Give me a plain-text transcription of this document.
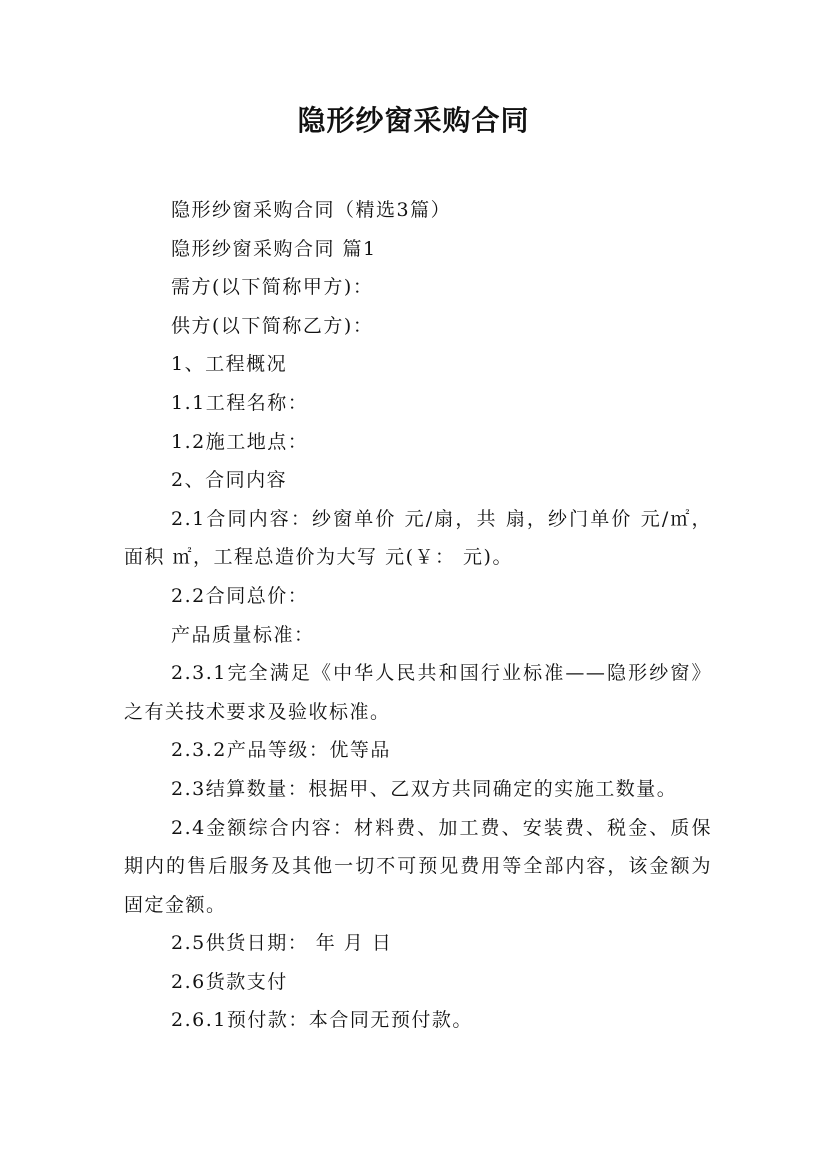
隐形纱窗采购合同

隐形纱窗采购合同（精选3篇）

隐形纱窗采购合同 篇1

需方(以下简称甲方)：

供方(以下简称乙方)：

1、工程概况

1.1工程名称：

1.2施工地点：

2、合同内容

2.1合同内容：纱窗单价 元/扇，共 扇，纱门单价 元/㎡，面积 ㎡，工程总造价为大写 元(￥： 元)。

2.2合同总价：

产品质量标准：

2.3.1完全满足《中华人民共和国行业标准——隐形纱窗》之有关技术要求及验收标准。

2.3.2产品等级：优等品

2.3结算数量：根据甲、乙双方共同确定的实施工数量。

2.4金额综合内容：材料费、加工费、安装费、税金、质保期内的售后服务及其他一切不可预见费用等全部内容，该金额为固定金额。

2.5供货日期： 年 月 日

2.6货款支付

2.6.1预付款：本合同无预付款。
